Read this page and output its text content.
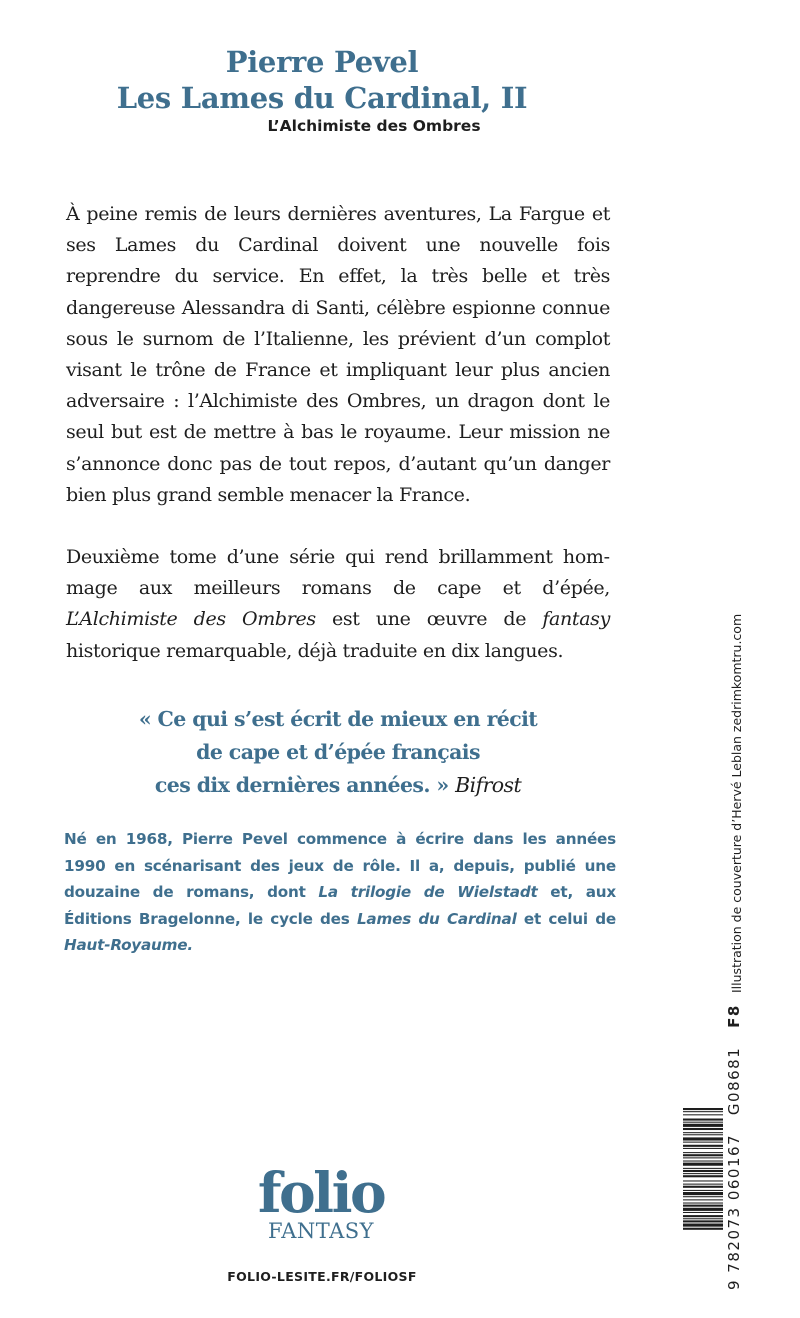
Pierre Pevel
Les Lames du Cardinal, II
L’Alchimiste des Ombres

À peine remis de leurs dernières aventures, La Fargue et ses Lames du Cardinal doivent une nouvelle fois reprendre du service. En effet, la très belle et très dangereuse Alessandra di Santi, célèbre espionne connue sous le surnom de l’Italienne, les prévient d’un complot visant le trône de France et impliquant leur plus ancien adversaire : l’Alchimiste des Ombres, un dragon dont le seul but est de mettre à bas le royaume. Leur mission ne s’annonce donc pas de tout repos, d’autant qu’un danger bien plus grand semble menacer la France.

Deuxième tome d’une série qui rend brillamment hommage aux meilleurs romans de cape et d’épée, L’Alchimiste des Ombres est une œuvre de fantasy historique remarquable, déjà traduite en dix langues.

« Ce qui s’est écrit de mieux en récit
de cape et d’épée français
ces dix dernières années. » Bifrost
Né en 1968, Pierre Pevel commence à écrire dans les années 1990 en scénarisant des jeux de rôle. Il a, depuis, publié une douzaine de romans, dont La trilogie de Wielstadt et, aux Éditions Bragelonne, le cycle des Lames du Cardinal et celui de Haut-Royaume.
folio
FANTASY
FOLIO-LESITE.FR/FOLIOSF
Illustration de couverture d’Hervé Leblan zedrimkomtru.com
9 782073 060167   G08681   F8
